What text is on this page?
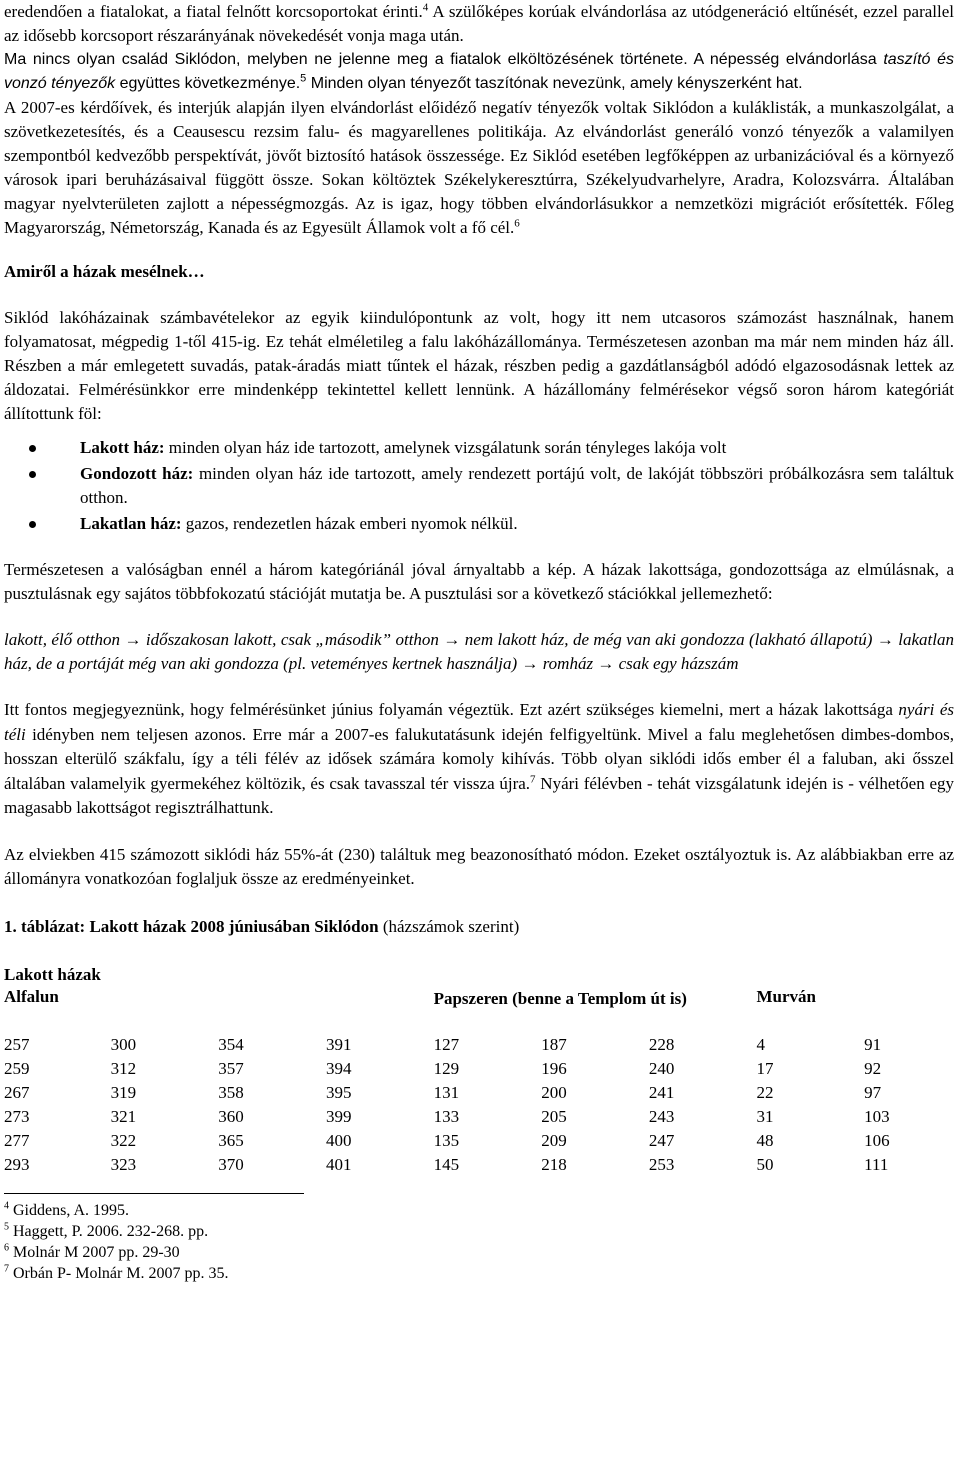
eredendően a fiatalokat, a fiatal felnőtt korcsoportokat érinti.$^4$ A szülőképes korúak elvándorlása az utódgeneráció eltűnését, ezzel parallel az idősebb korcsoport részarányának növekedését vonja maga után.

Ma nincs olyan család Siklódon, melyben ne jelenne meg a fiatalok elköltözésének története. A népesség elvándorlása taszító és vonzó tényezők együttes következménye.$^5$ Minden olyan tényezőt taszítónak nevezünk, amely kényszerként hat.

A 2007-es kérdőívek, és interjúk alapján ilyen elvándorlást előidéző negatív tényezők voltak Siklódon a kuláklisták, a munkaszolgálat, a szövetkezetesítés, és a Ceausescu rezsim falu- és magyarellenes politikája. Az elvándorlást generáló vonzó tényezők a valamilyen szempontból kedvezőbb perspektívát, jövőt biztosító hatások összessége. Ez Siklód esetében legfőképpen az urbanizációval és a környező városok ipari beruházásaival függött össze. Sokan költöztek Székelykeresztúrra, Székelyudvarhelyre, Aradra, Kolozsvárra. Általában magyar nyelvterületen zajlott a népességmozgás. Az is igaz, hogy többen elvándorlásukkor a nemzetközi migrációt erősítették. Főleg Magyarország, Németország, Kanada és az Egyesült Államok volt a fő cél.$^6$

Amiről a házak mesélnek…

Siklód lakóházainak számbavételekor az egyik kiindulópontunk az volt, hogy itt nem utcasoros számozást használnak, hanem folyamatosat, mégpedig 1-től 415-ig. Ez tehát elméletileg a falu lakóházállománya. Természetesen azonban ma már nem minden ház áll. Részben a már emlegetett suvadás, patak-áradás miatt tűntek el házak, részben pedig a gazdátlanságból adódó elgazosodásnak lettek az áldozatai. Felmérésünkkor erre mindenképp tekintettel kellett lennünk. A házállomány felmérésekor végső soron három kategóriát állítottunk föl:

Lakott ház: minden olyan ház ide tartozott, amelynek vizsgálatunk során tényleges lakója volt
Gondozott ház: minden olyan ház ide tartozott, amely rendezett portájú volt, de lakóját többszöri próbálkozásra sem találtuk otthon.
Lakatlan ház: gazos, rendezetlen házak emberi nyomok nélkül.

Természetesen a valóságban ennél a három kategóriánál jóval árnyaltabb a kép. A házak lakottsága, gondozottsága az elmúlásnak, a pusztulásnak egy sajátos többfokozatú stációját mutatja be. A pusztulási sor a következő stációkkal jellemezhető:

lakott, élő otthon → időszakosan lakott, csak „második” otthon → nem lakott ház, de még van aki gondozza (lakható állapotú) → lakatlan ház, de a portáját még van aki gondozza (pl. veteményes kertnek használja) → romház → csak egy házszám

Itt fontos megjegyeznünk, hogy felmérésünket június folyamán végeztük. Ezt azért szükséges kiemelni, mert a házak lakottsága nyári és téli idényben nem teljesen azonos. Erre már a 2007-es falukutatásunk idején felfigyeltünk. Mivel a falu meglehetősen dimbes-dombos, hosszan elterülő szákfalu, így a téli félév az idősek számára komoly kihívás. Több olyan siklódi idős ember él a faluban, aki ősszel általában valamelyik gyermekéhez költözik, és csak tavasszal tér vissza újra.$^7$ Nyári félévben - tehát vizsgálatunk idején is - vélhetően egy magasabb lakottságot regisztrálhattunk.

Az elviekben 415 számozott siklódi ház 55%-át (230) találtuk meg beazonosítható módon. Ezeket osztályoztuk is. Az alábbiakban erre az állományra vonatkozóan foglaljuk össze az eredményeinket.

1. táblázat: Lakott házak 2008 júniusában Siklódon (házszámok szerint)

Lakott házak

Alfalun				Papszeren (benne a Templom út is)			Murván	
257	300	354	391	127	187	228	4	91
259	312	357	394	129	196	240	17	92
267	319	358	395	131	200	241	22	97
273	321	360	399	133	205	243	31	103
277	322	365	400	135	209	247	48	106
293	323	370	401	145	218	253	50	111
$^4$ Giddens, A. 1995.
$^5$ Haggett, P. 2006. 232-268. pp.
$^6$ Molnár M 2007 pp. 29-30
$^7$ Orbán P- Molnár M. 2007 pp. 35.
